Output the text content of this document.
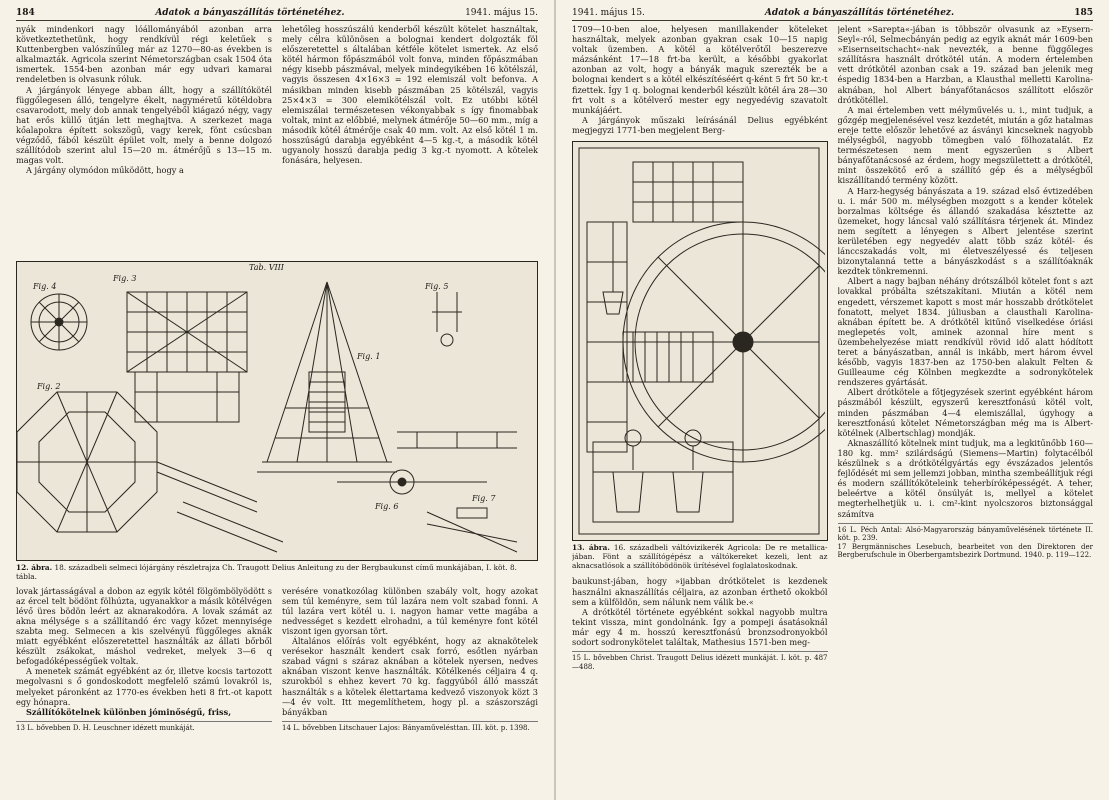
184	Adatok a bányaszállítás történetéhez.	1941. május 15.

nyák mindenkori nagy lóállományából azonban arra következtethetünk, hogy rendkívül régi keletűek s Kuttenbergben valószínűleg már az 1270—80-as években is alkalmazták. Agricola szerint Németországban csak 1504 óta ismertek. 1554-ben azonban már egy udvari kamarai rendeletben is olvasunk róluk.

A járgányok lényege abban állt, hogy a szállítókötél függőlegesen álló, tengelyre ékelt, nagyméretű kötéldobra csavarodott, mely dob annak tengelyéből kiágazó négy, vagy hat erős küllő útján lett meghajtva. A szerkezet maga kőalapokra épített sokszögű, vagy kerek, fönt csúcsban végződő, fából készült épület volt, mely a benne dolgozó szállítódob szerint alul 15—20 m. átmérőjű s 13—15 m. magas volt.

A járgány olymódon működött, hogy a

lehetőleg hosszúszálú kenderből készült kötelet használtak, mely célra különösen a bolognai kendert dolgozták föl előszeretettel s általában kétféle kötelet ismertek. Az első kötél hármon főpászmából volt fonva, minden főpászmában négy kisebb pászmával, melyek mindegyikében 16 kötélszál, vagyis összesen 4×16×3 = 192 elemiszál volt befonva. A másikban minden kisebb pászmában 25 kötélszál, vagyis 25×4×3 = 300 elemikötélszál volt. Ez utóbbi kötél elemiszálai természetesen vékonyabbak s így finomabbak voltak, mint az előbbié, melynek átmérője 50—60 mm., míg a második kötél átmérője csak 40 mm. volt. Az első kötél 1 m. hosszúságú darabja egyébként 4—5 kg.-t, a második kötél ugyanoly hosszú darabja pedig 3 kg.-t nyomott. A kötelek fonására, helyesen.

Tab. VIII
Fig. 3
Fig. 4	Fig. 5
Fig. 1
Fig. 2
Fig. 6
Fig. 7
12. ábra. 18. századbeli selmeci lójárgány részletrajza Ch. Traugott Delius Anleitung zu der Bergbaukunst című munkájában, I. köt. 8. tábla.

lovak jártasságával a dobon az egyik kötél fölgömbölyödött s az ércel telt bödönt fölhúzta, ugyanakkor a másik kötélvégen lévő üres bödön leért az aknarakodóra. A lovak számát az akna mélysége s a szállítandó érc vagy kőzet mennyisége szabta meg. Selmecen a kis szelvényű függőleges aknák miatt egyébként előszeretettel használták az állati bőrből készült zsákokat, máshol vedreket, melyek 3—6 q befogadóképességűek voltak.

A menetek számát egyébként az ór, illetve kocsis tartozott megolvasni s ő gondoskodott megfelelő számú lovakról is, melyeket páronként az 1770-es években heti 8 frt.-ot kapott egy hónapra.

Szállítókötelnek különben jóminőségű, friss,

13 L. bővebben D. H. Leuschner idézett munkáját.

verésére vonatkozólag különben szabály volt, hogy azokat sem túl keményre, sem túl lazára nem volt szabad fonni. A túl lazára vert kötél u. i. nagyon hamar vette magába a nedvességet s kezdett elrohadni, a túl keményre font kötél viszont igen gyorsan tört.

Általános előírás volt egyébként, hogy az aknakötelek verésekor használt kendert csak forró, esőtlen nyárban szabad vágni s száraz aknában a kötelek nyersen, nedves aknában viszont kenve használták. Kötélkenés céljaira 4 q. szurokból s ehhez kevert 70 kg. faggyúból álló masszát használták s a kötelek élettartama kedvező viszonyok közt 3—4 év volt. Itt megemlíthetem, hogy pl. a szászországi bányákban

14 L. bővebben Litschauer Lajos: Bányaművelésttan. III. köt. p. 1398.
1941. május 15.	Adatok a bányaszállítás történetéhez.	185

1709—10-ben aloe, helyesen manillakender köteleket használtak, melyek azonban gyakran csak 10—15 napig voltak üzemben. A kötél a kötélverőtől beszerezve mázsánként 17—18 frt-ba került, a későbbi gyakorlat azonban az volt, hogy a bányák maguk szerezték be a bolognai kendert s a kötél elkészítéséért q-ként 5 frt 50 kr.-t fizettek. Így 1 q. bolognai kenderből készült kötél ára 28—30 frt volt s a kötélverő mester egy negyedévig szavatolt munkájáért.

A járgányok műszaki leírásánál Delius egyébként megjegyzi 1771-ben megjelent Berg-

13. ábra. 16. századbeli váltóvizikerék Agricola: De re metallica-jában. Fönt a szállítógépész a váltókereket kezeli, lent az aknacsatlósok a szállítóbödönök ürítésével foglalatoskodnak.

baukunst-jában, hogy »ijabban drótkötelet is kezdenek használni aknaszállítás céljaira, az azonban érthető okokból sem a külföldön, sem nálunk nem válik be.«

A drótkötél története egyébként sokkal nagyobb multra tekint vissza, mint gondolnánk. Így a pompeji ásatásoknál már egy 4 m. hosszú keresztfonású bronzsodronyokból sodort sodronykötelet találtak, Mathesius 1571-ben meg-

15 L. bővebben Christ. Traugott Delius idézett munkáját. I. köt. p. 487—488.

jelent »Sarepta«-jában is többször olvasunk az »Eysern-Seyl«-ról, Selmecbányán pedig az egyik aknát már 1609-ben »Eisernseitschacht«-nak nevezték, a benne függőleges szállításra használt drótkötél után. A modern értelemben vett drótkötél azonban csak a 19. század ban jelenik meg éspedig 1834-ben a Harzban, a Klausthal melletti Karolina-aknában, hol Albert bányafőtanácsos szállított először drótkötéllel.

A mai értelemben vett mélyművelés u. i., mint tudjuk, a gőzgép megjelenésével vesz kezdetét, miután a gőz hatalmas ereje tette először lehetővé az ásványi kincseknek nagyobb mélységből, nagyobb tömegben való fölhozatalát. Ez természetesen nem ment egyszerűen s Albert bányafőtanácsosé az érdem, hogy megszülettett a drótkötél, mint összekötő erő a szállító gép és a mélységből kiszállítandó termény között.

A Harz-hegység bányászata a 19. század első évtizedében u. i. már 500 m. mélységben mozgott s a kender kötelek borzalmas költsége és állandó szakadása késztette az üzemeket, hogy láncsal való szállításra térjenek át. Mindez nem segített a lényegen s Albert jelentése szerint kerületében egy negyedév alatt több száz kötél- és lánccszakadás volt, mi életveszélyessé és teljesen bizonytalanná tette a bányászkodást s a szállítóaknák kezdtek tönkremenni.

Albert a nagy bajban néhány drótszálból kötelet font s azt lovakkal próbálta szétszakítani. Miután a kötél nem engedett, vérszemet kapott s most már hosszabb drótkötelet fonatott, melyet 1834. júliusban a clausthali Karolina-aknában épített be. A drótkötél kitűnő viselkedése óriási meglepetés volt, aminek azonnal híre ment s üzembehelyezése miatt rendkívül rövid idő alatt hódított teret a bányászatban, annál is inkább, mert három évvel később, vagyis 1837-ben az 1750-ben alakult Felten & Guilleaume cég Kölnben megkezdte a sodronykötelek rendszeres gyártását.

Albert drótkötele a főtjegyzések szerint egyébként három pászmából készült, egyszerű keresztfonású kötél volt, minden pászmában 4—4 elemiszállal, úgyhogy a keresztfonású kötelet Németországban még ma is Albert-kötélnek (Albertschlag) mondják.

Aknaszállító kötelnek mint tudjuk, ma a legkitűnőbb 160—180 kg. mm² szilárdságú (Siemens—Martin) folytacélból készülnek s a drótkötélgyártás egy évszázados jelentős fejlődését mi sem jellemzi jobban, mintha szembeállítjuk régi és modern szállítóköteleink teherbíróképességét. A teher, beleértve a kötél önsúlyát is, mellyel a kötelet megterhelhetjük u. i. cm²-kint nyolcszoros biztonsággal számítva

16 L. Péch Antal: Alsó-Magyarország bányaművelésének története II. köt. p. 239.
17 Bergmännisches Lesebuch, bearbeitet von den Direktoren der Bergberufschule in Oberbergamtsbezirk Dortmund. 1940. p. 119—122.
